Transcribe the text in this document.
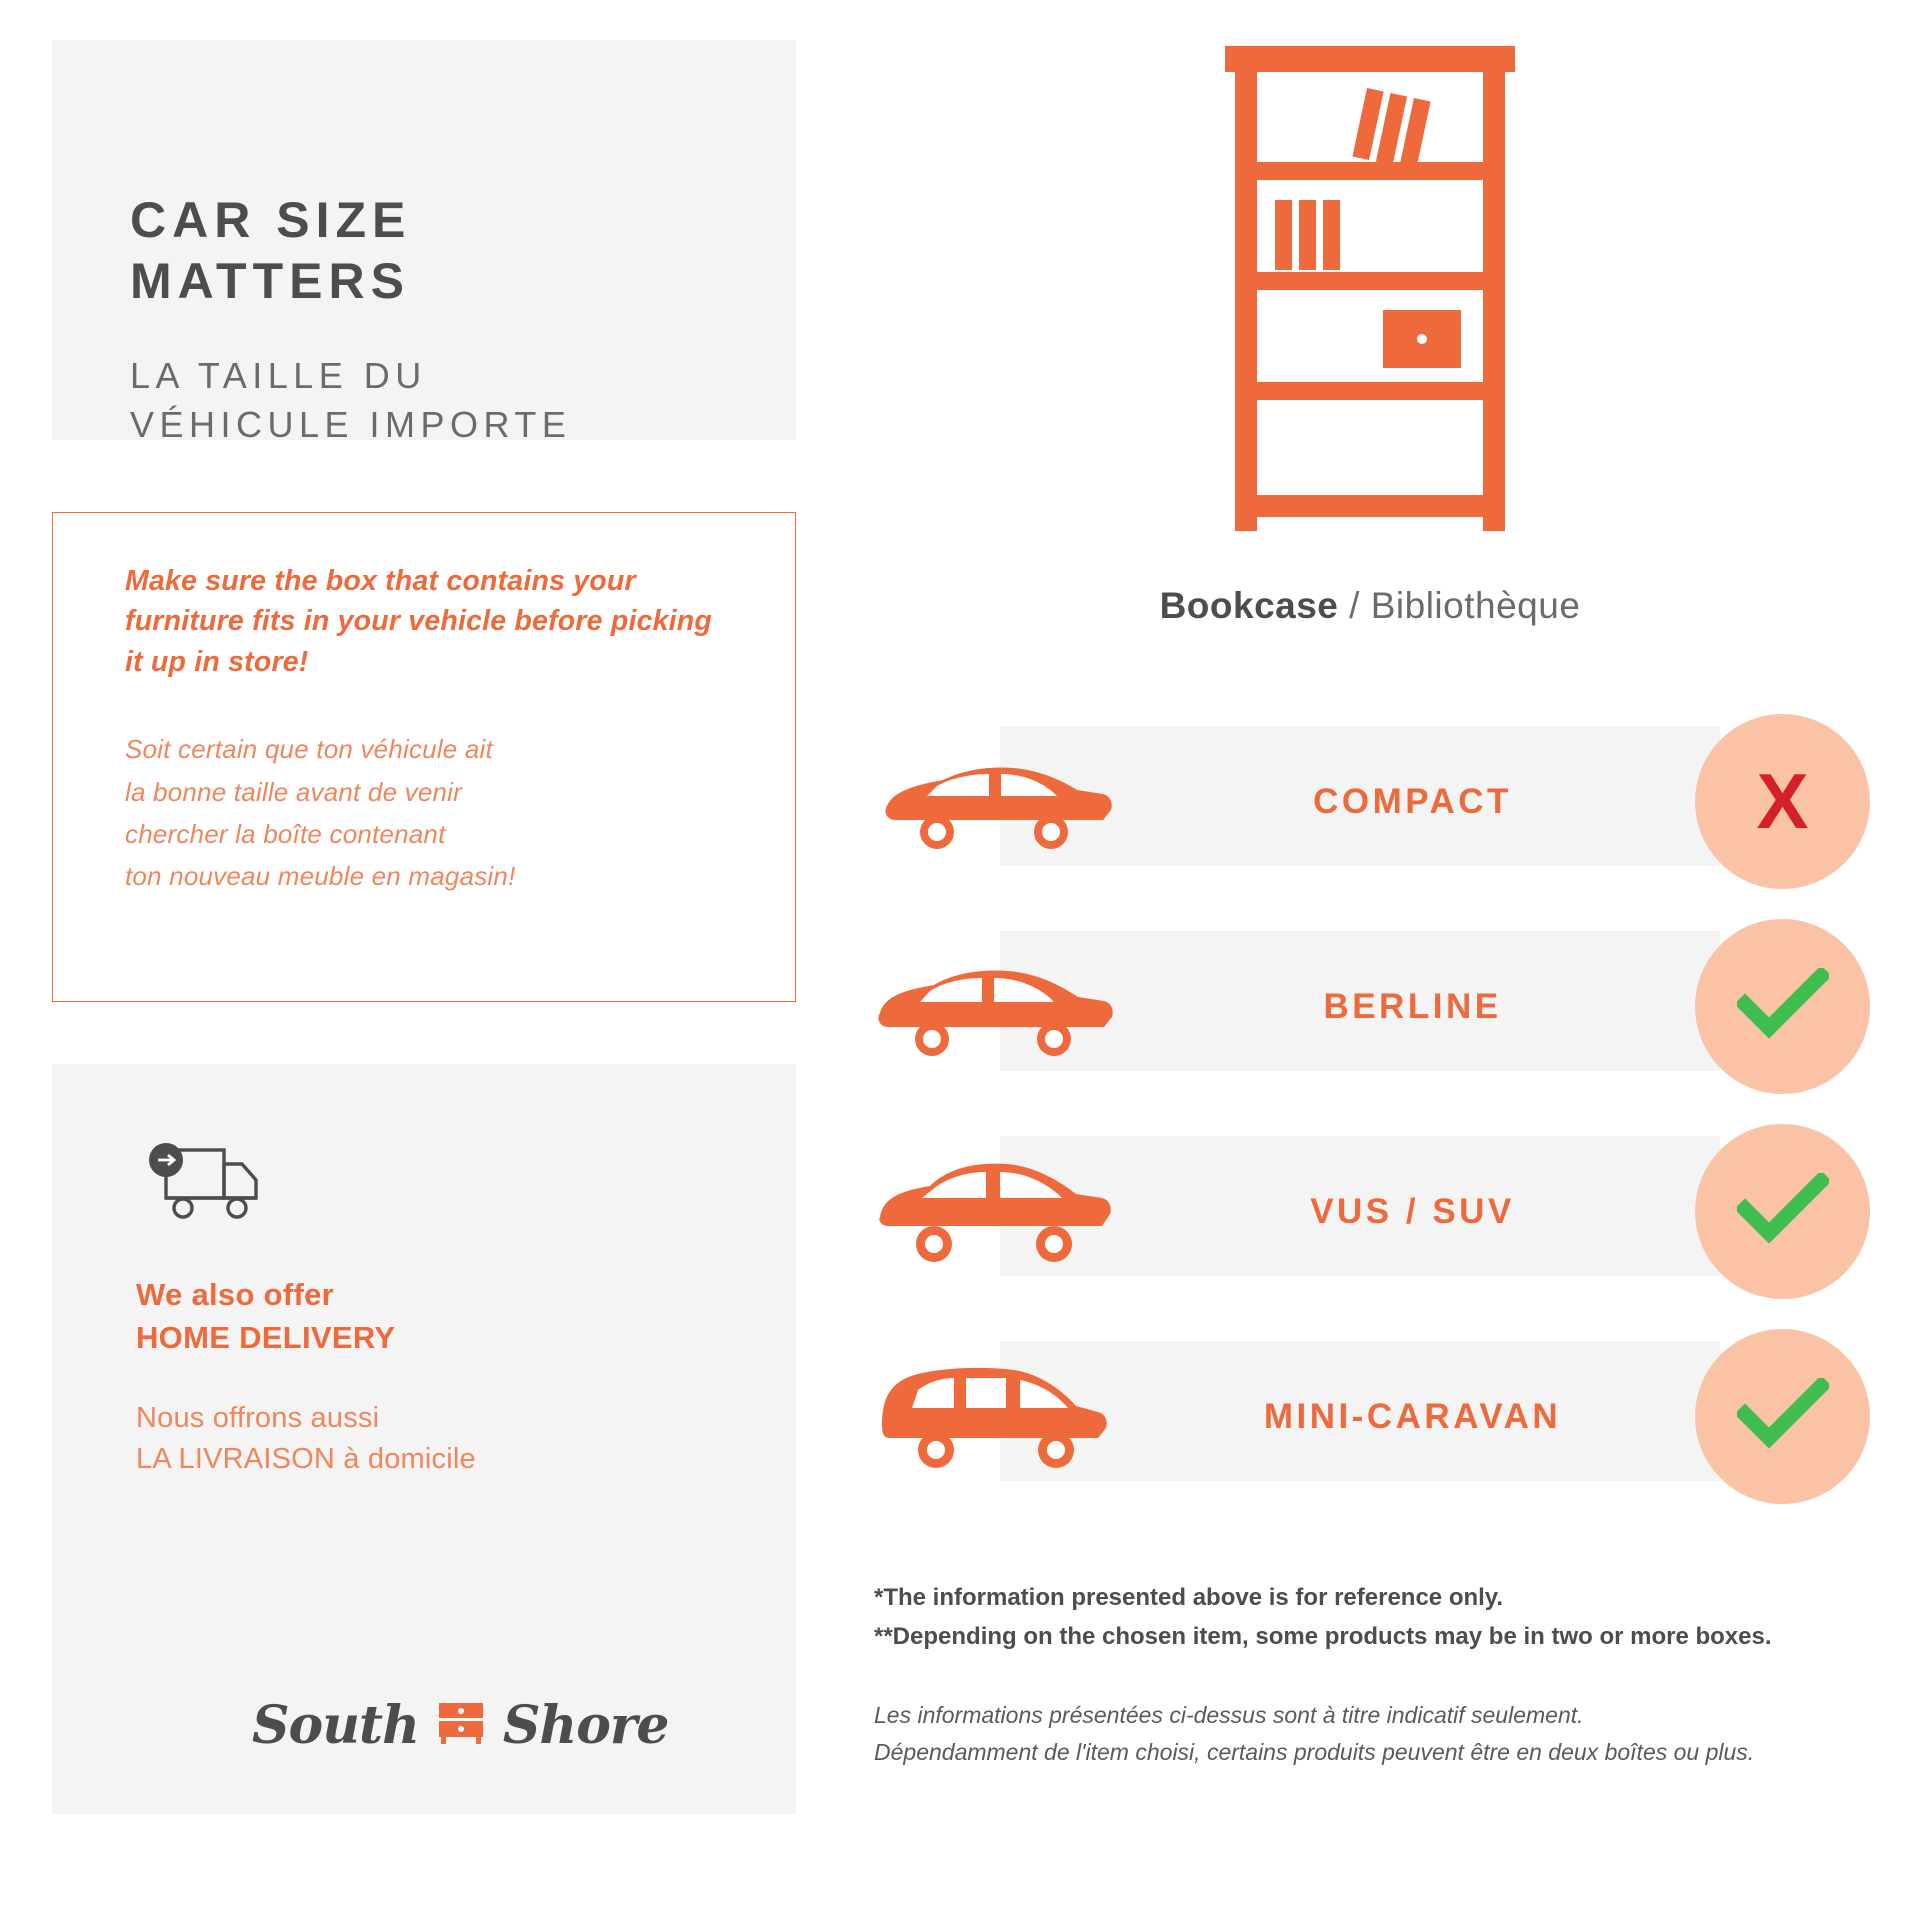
CAR SIZE
MATTERS
LA TAILLE DU
VÉHICULE IMPORTE

Make sure the box that contains your furniture fits in your vehicle before picking it up in store!

Soit certain que ton véhicule ait
la bonne taille avant de venir
chercher la boîte contenant
ton nouveau meuble en magasin!

We also offer
HOME DELIVERY

Nous offrons aussi
LA LIVRAISON à domicile

South Shore
Bookcase / Bibliothèque
COMPACT	X
BERLINE
VUS / SUV
MINI-CARAVAN

*The information presented above is for reference only.
**Depending on the chosen item, some products may be in two or more boxes.

Les informations présentées ci-dessus sont à titre indicatif seulement.
Dépendamment de l'item choisi, certains produits peuvent être en deux boîtes ou plus.
